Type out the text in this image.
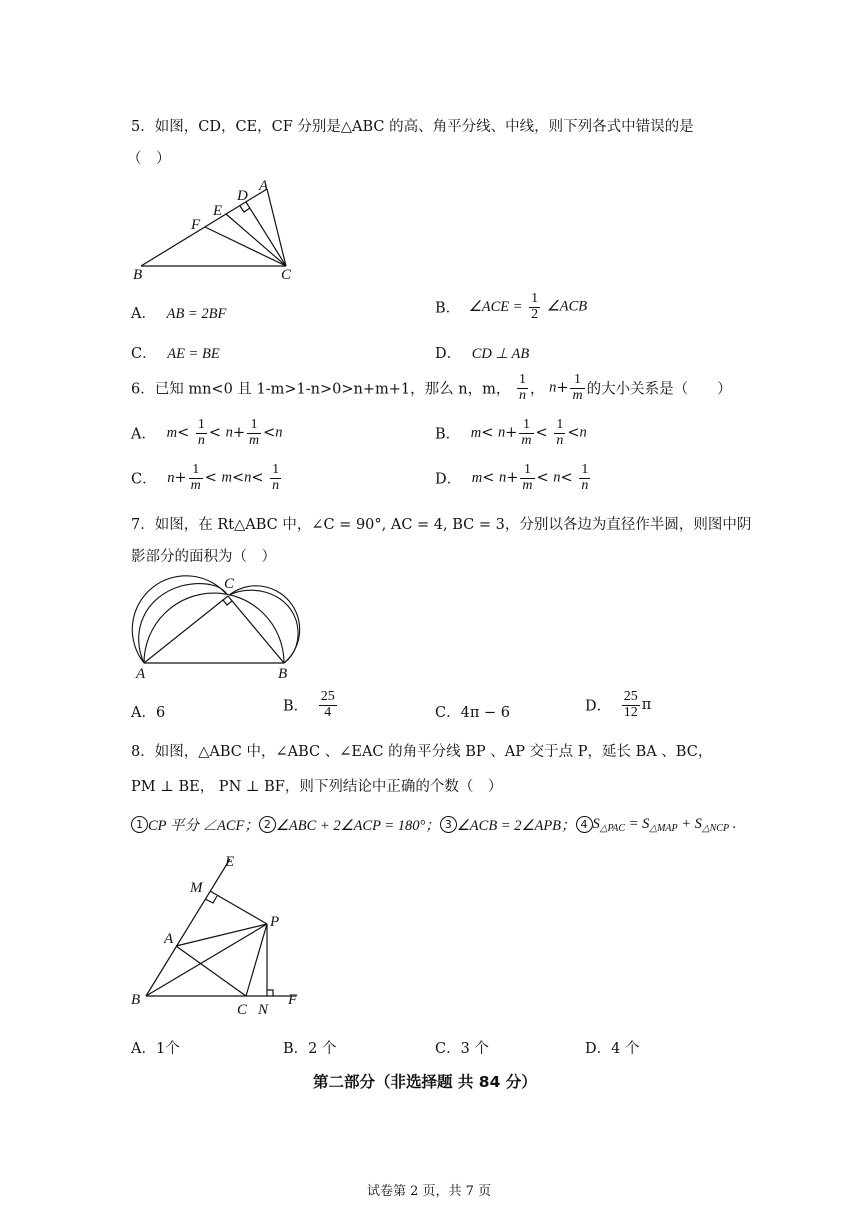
5．如图，CD，CE，CF 分别是△ABC 的高、角平分线、中线，则下列各式中错误的是
（　）
A
D
E
F
B	C
A． AB = 2BF	B． ∠ACE = $\frac{1}{2}$ ∠ACB
C． AE = BE	D． CD ⊥ AB
6．已知 mn<0 且 1-m>1-n>0>n+m+1，那么 n，m， $\frac{1}{n}$ ， $n+ \frac{1}{m}$ 的大小关系是（　　）
A． $m< \frac{1}{n} < n+ \frac{1}{m} <n$	B． $m< n+ \frac{1}{m} < \frac{1}{n} <n$
C． $n+ \frac{1}{m} < m<n< \frac{1}{n}$	D． $m< n+ \frac{1}{m} < n< \frac{1}{n}$
7．如图，在 Rt△ABC 中，∠C = 90°, AC = 4, BC = 3，分别以各边为直径作半圆，则图中阴
影部分的面积为（　）
C
A	B
A．6	B． $\frac{25}{4}$	C．4π − 6	D． $\frac{25}{12}$ π
8．如图，△ABC 中，∠ABC 、∠EAC 的角平分线 BP 、AP 交于点 P，延长 BA 、BC，
PM ⊥ BE， PN ⊥ BF，则下列结论中正确的个数（　）
1 CP 平分 ∠ACF； 2 ∠ABC + 2∠ACP = 180°； 3 ∠ACB = 2∠APB； 4 $S_{\triangle PAC} = S_{\triangle MAP} + S_{\triangle NCP}$ .
E
M
P
A
B
C N
F
A．1个	B．2 个	C．3 个	D．4 个
第二部分（非选择题 共 84 分）
试卷第 2 页，共 7 页
